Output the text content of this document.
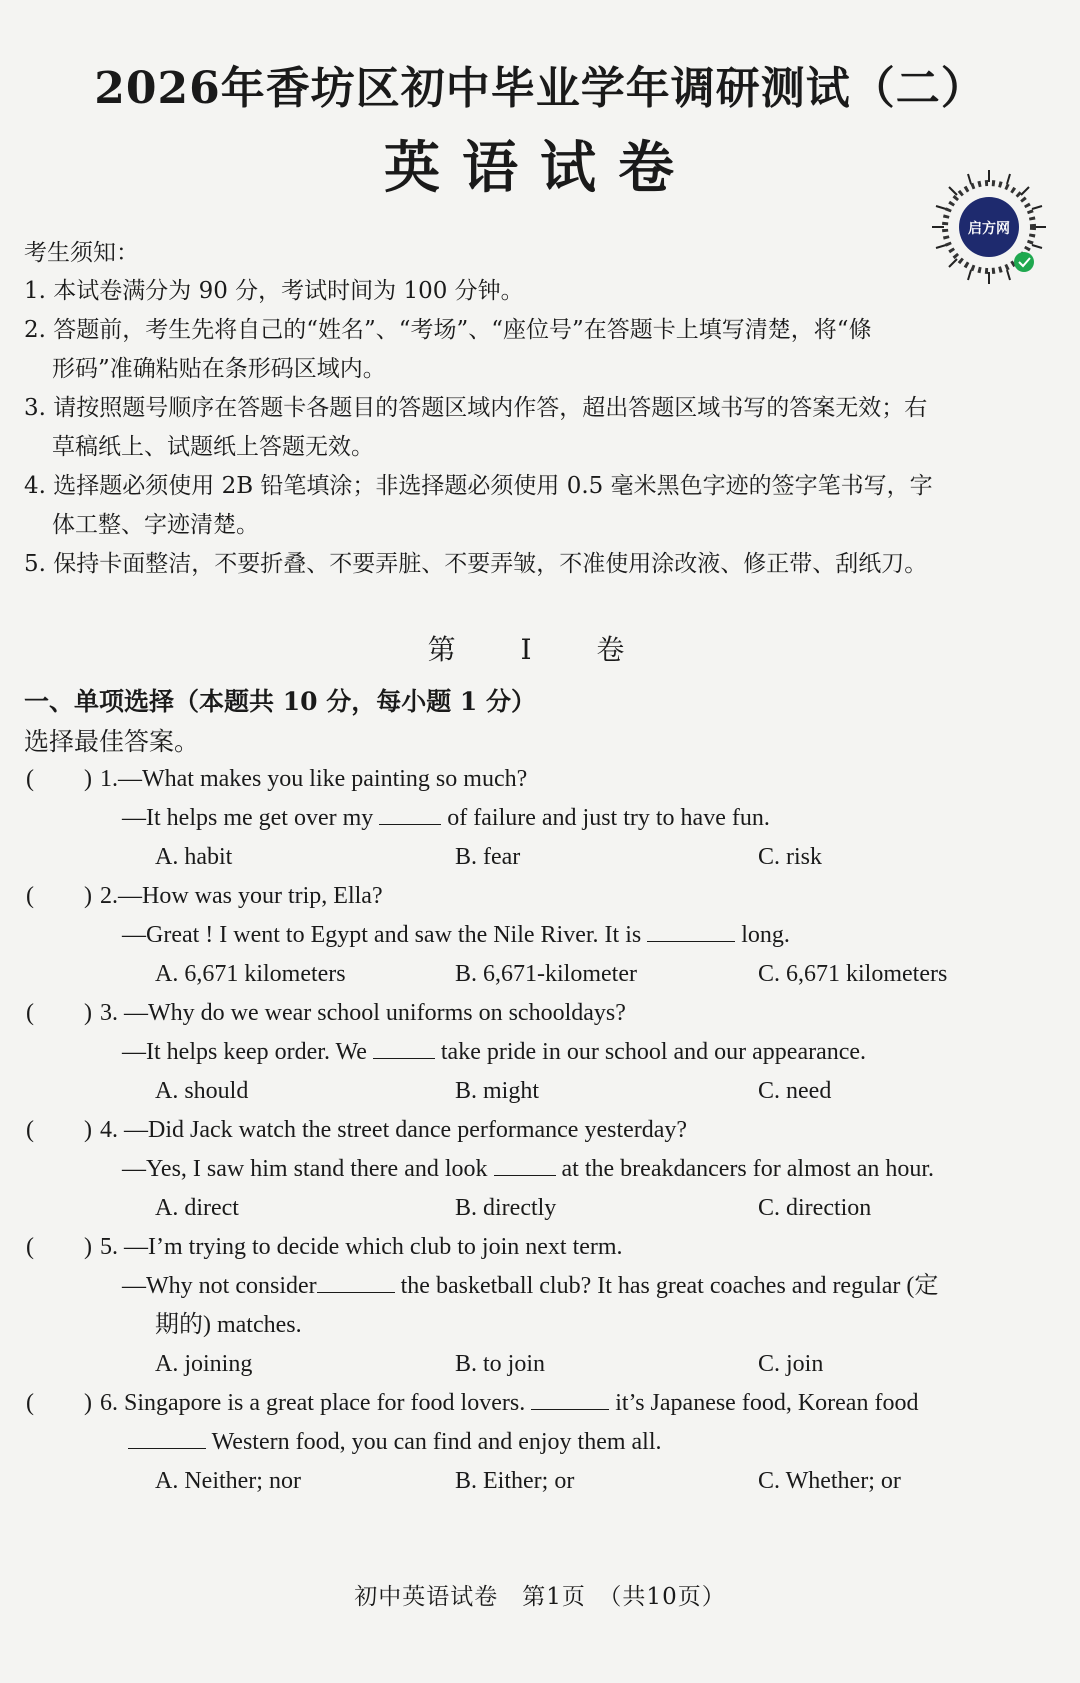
2026年香坊区初中毕业学年调研测试（二）
英语试卷
启方网
考生须知：
1. 本试卷满分为 90 分，考试时间为 100 分钟。
2. 答题前，考生先将自己的“姓名”、“考场”、“座位号”在答题卡上填写清楚，将“條
形码”准确粘贴在条形码区域内。
3. 请按照题号顺序在答题卡各题目的答题区域内作答，超出答题区域书写的答案无效；右
草稿纸上、试题纸上答题无效。
4. 选择题必须使用 2B 铅笔填涂；非选择题必须使用 0.5 毫米黑色字迹的签字笔书写，字
体工整、字迹清楚。
5. 保持卡面整洁，不要折叠、不要弄脏、不要弄皱，不准使用涂改液、修正带、刮纸刀。
第 Ⅰ 卷
一、单项选择（本题共 10 分，每小题 1 分）
选择最佳答案。
( ) 1.—What makes you like painting so much?
—It helps me get over my	of failure and just try to have fun.
A. habit	B. fear	C. risk
( ) 2.—How was your trip, Ella?
—Great ! I went to Egypt and saw the Nile River. It is	long.
A. 6,671 kilometers	B. 6,671-kilometer	C. 6,671 kilometers
( ) 3. —Why do we wear school uniforms on schooldays?
—It helps keep order. We	take pride in our school and our appearance.
A. should	B. might	C. need
( ) 4. —Did Jack watch the street dance performance yesterday?
—Yes, I saw him stand there and look	at the breakdancers for almost an hour.
A. direct	B. directly	C. direction
( ) 5. —I’m trying to decide which club to join next term.
—Why not consider	the basketball club? It has great coaches and regular (定
期的) matches.
A. joining	B. to join	C. join
( ) 6. Singapore is a great place for food lovers.	it’s Japanese food, Korean food
Western food, you can find and enjoy them all.
A. Neither; nor	B. Either; or	C. Whether; or
初中英语试卷　第1页　（共10页）
